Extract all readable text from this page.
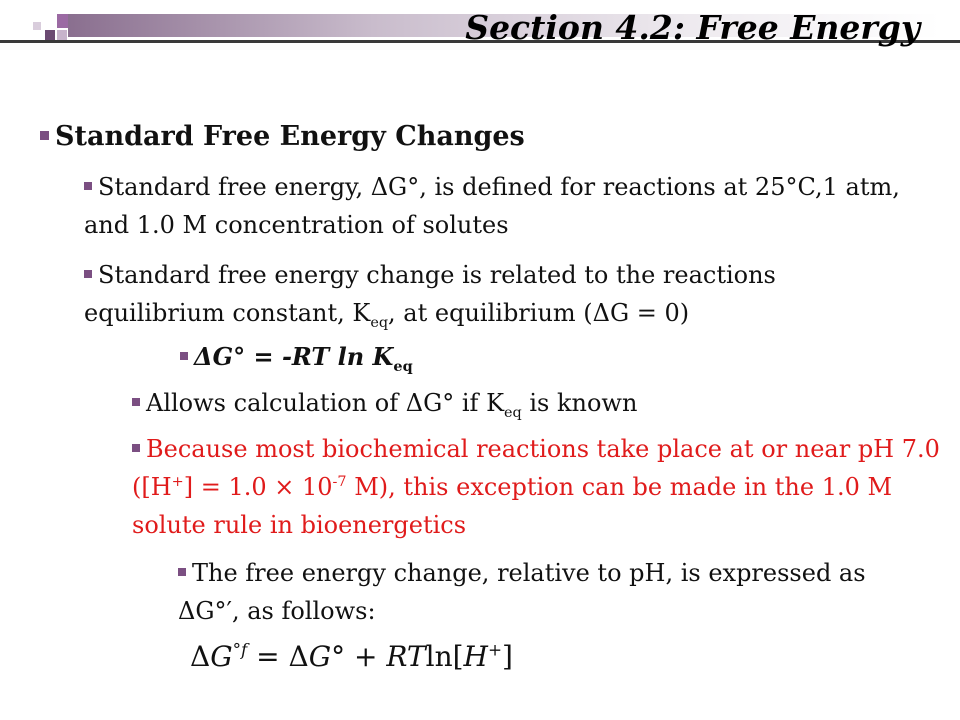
Section 4.2: Free Energy
Standard Free Energy Changes
Standard free energy, ΔG°, is defined for reactions at 25°C,1 atm, and 1.0 M concentration of solutes
Standard free energy change is related to the reactions equilibrium constant, $K_{eq}$, at equilibrium (ΔG = 0)
ΔG° = -RT $\ln K_{eq}$
Allows calculation of ΔG° if $K_{eq}$ is known
Because most biochemical reactions take place at or near pH 7.0 ($[H^+] = 1.0 \times 10^{-7}$ M), this exception can be made in the 1.0 M solute rule in bioenergetics
The free energy change, relative to pH, is expressed as ΔG°′, as follows:
$\Delta G^{^\circ f} = \Delta G^\circ + RTln[H^+]$
